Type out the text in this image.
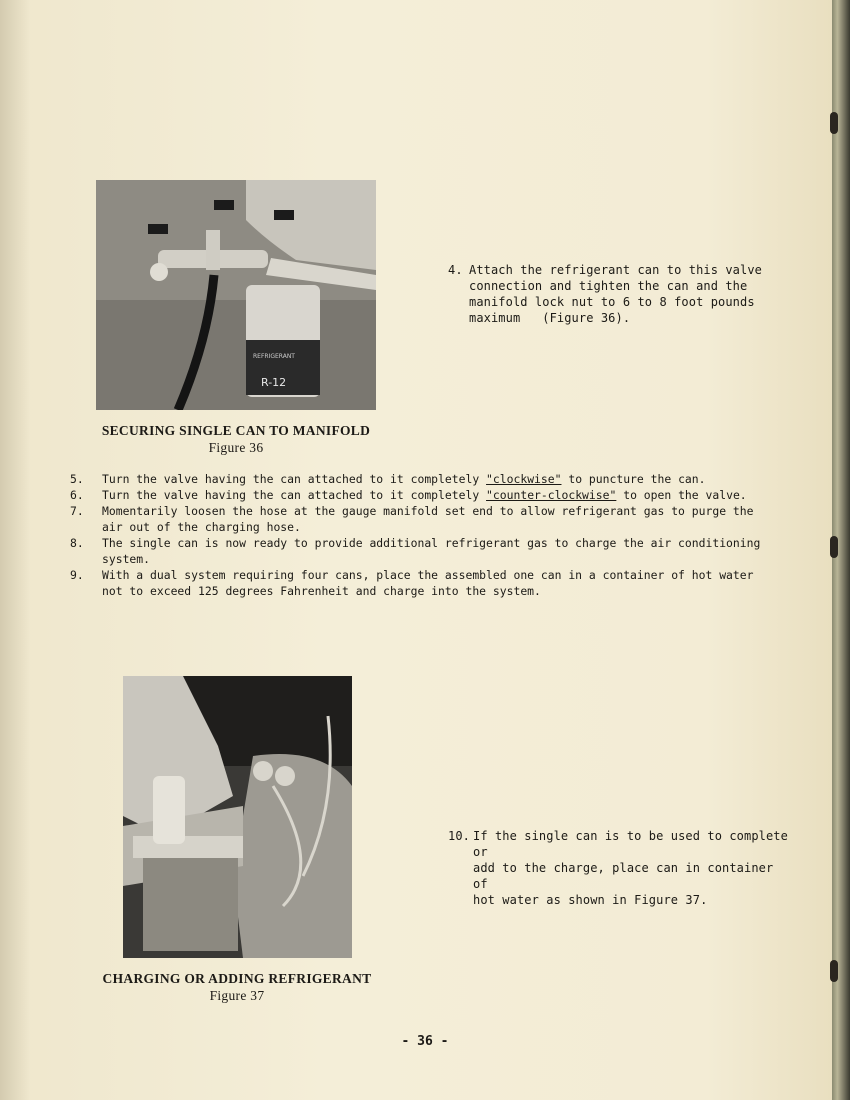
R-12
REFRIGERANT
SECURING SINGLE CAN TO MANIFOLD
Figure 36
4. Attach the refrigerant can to this valve
connection and tighten the can and the
manifold lock nut to 6 to 8 foot pounds
maximum   (Figure 36).
5. Turn the valve having the can attached to it completely "clockwise" to puncture the can.
6. Turn the valve having the can attached to it completely "counter-clockwise" to open the valve.
7. Momentarily loosen the hose at the gauge manifold set end to allow refrigerant gas to purge the
air out of the charging hose.
8. The single can is now ready to provide additional refrigerant gas to charge the air conditioning
system.
9. With a dual system requiring four cans, place the assembled one can in a container of hot water
not to exceed 125 degrees Fahrenheit and charge into the system.
10. If the single can is to be used to complete or
add to the charge, place can in container of
hot water as shown in Figure 37.
CHARGING OR ADDING REFRIGERANT
Figure 37
- 36 -
